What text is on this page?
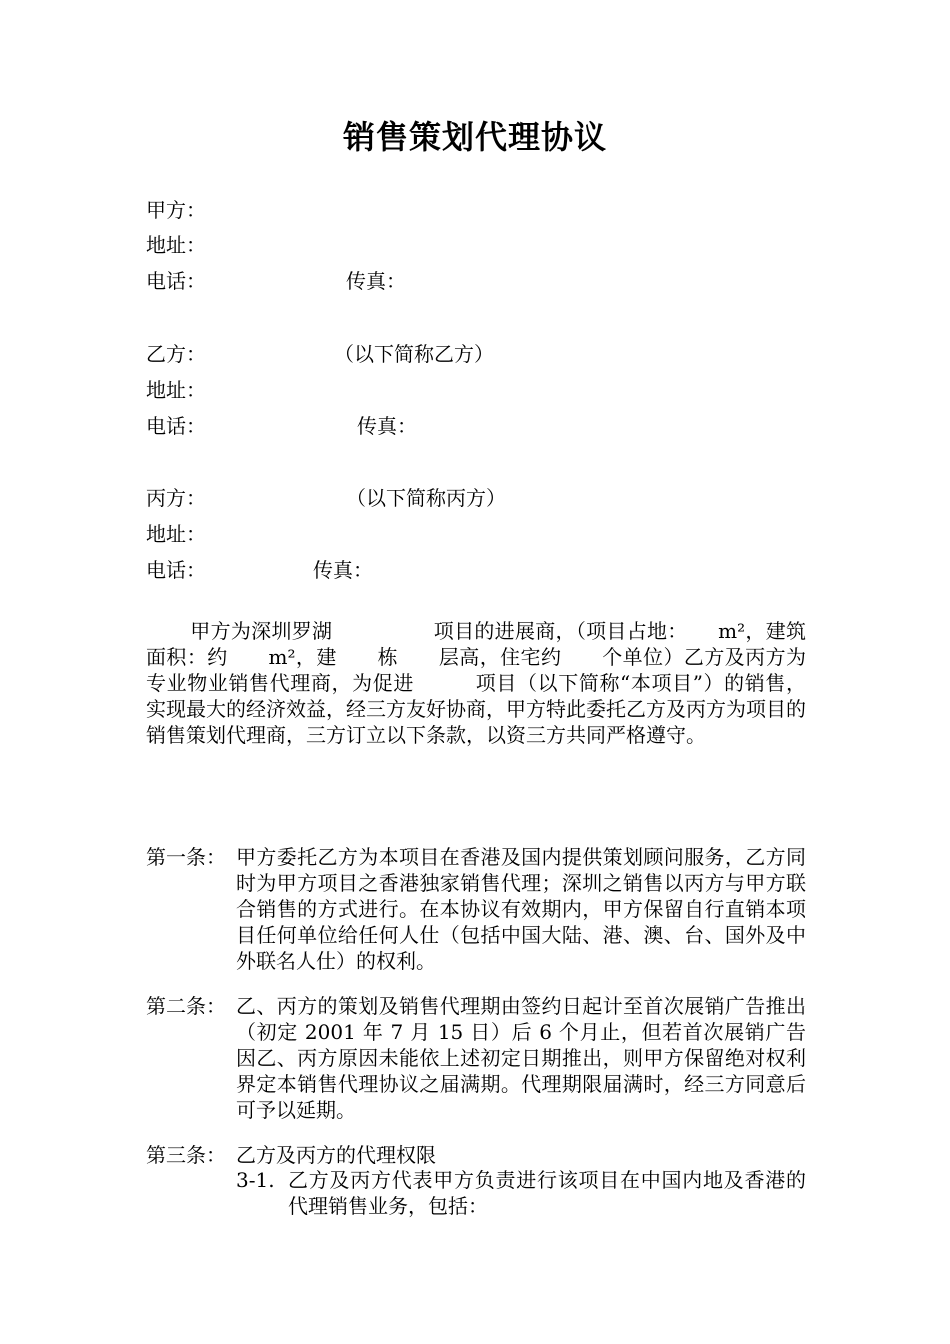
销售策划代理协议
甲方：
地址：
电话：	传真：
乙方：	（以下简称乙方）
地址：
电话：	传真：
丙方：	（以下简称丙方）
地址：
电话：	传真：
甲方为深圳罗湖　　　　　项目的进展商，（项目占地：　　m²，建筑面积：约　　m²，建　　栋　　层高，住宅约　　个单位）乙方及丙方为专业物业销售代理商，为促进　　　项目（以下简称“本项目”）的销售，实现最大的经济效益，经三方友好协商，甲方特此委托乙方及丙方为项目的销售策划代理商，三方订立以下条款，以资三方共同严格遵守。
第一条： 甲方委托乙方为本项目在香港及国内提供策划顾问服务，乙方同时为甲方项目之香港独家销售代理；深圳之销售以丙方与甲方联合销售的方式进行。在本协议有效期内，甲方保留自行直销本项目任何单位给任何人仕（包括中国大陆、港、澳、台、国外及中外联名人仕）的权利。
第二条： 乙、丙方的策划及销售代理期由签约日起计至首次展销广告推出（初定 2001 年 7 月 15 日）后 6 个月止，但若首次展销广告因乙、丙方原因未能依上述初定日期推出，则甲方保留绝对权利界定本销售代理协议之届满期。代理期限届满时，经三方同意后可予以延期。
第三条： 乙方及丙方的代理权限
3-1. 乙方及丙方代表甲方负责进行该项目在中国内地及香港的代理销售业务，包括：
